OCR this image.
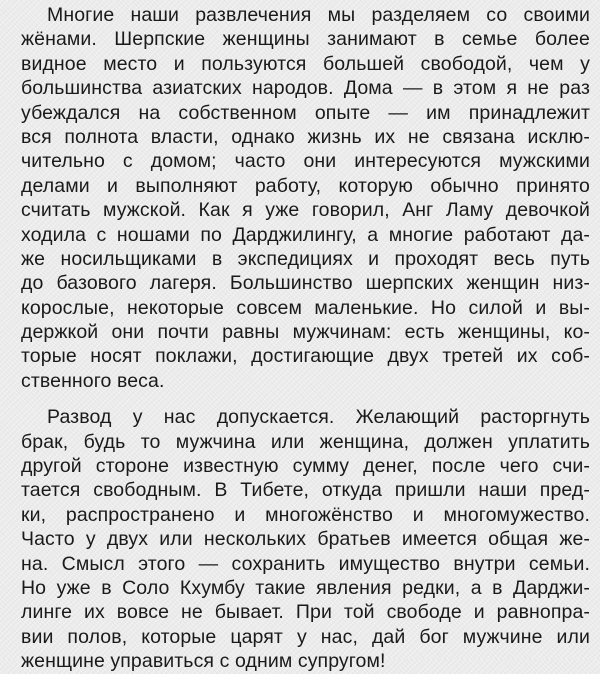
Многие наши развлечения мы разделяем со своими
жёнами. Шерпские женщины занимают в семье более
видное место и пользуются большей свободой, чем у
большинства азиатских народов. Дома — в этом я не раз
убеждался на собственном опыте — им принадлежит
вся полнота власти, однако жизнь их не связана исклю-
чительно с домом; часто они интересуются мужскими
делами и выполняют работу, которую обычно принято
считать мужской. Как я уже говорил, Анг Ламу девочкой
ходила с ношами по Дарджилингу, а многие работают да-
же носильщиками в экспедициях и проходят весь путь
до базового лагеря. Большинство шерпских женщин низ-
корослые, некоторые совсем маленькие. Но силой и вы-
держкой они почти равны мужчинам: есть женщины, ко-
торые носят поклажи, достигающие двух третей их соб-
ственного веса.
Развод у нас допускается. Желающий расторгнуть
брак, будь то мужчина или женщина, должен уплатить
другой стороне известную сумму денег, после чего счи-
тается свободным. В Тибете, откуда пришли наши пред-
ки, распространено и многожёнство и многомужество.
Часто у двух или нескольких братьев имеется общая же-
на. Смысл этого — сохранить имущество внутри семьи.
Но уже в Соло Кхумбу такие явления редки, а в Дарджи-
линге их вовсе не бывает. При той свободе и равнопра-
вии полов, которые царят у нас, дай бог мужчине или
женщине управиться с одним супругом!
